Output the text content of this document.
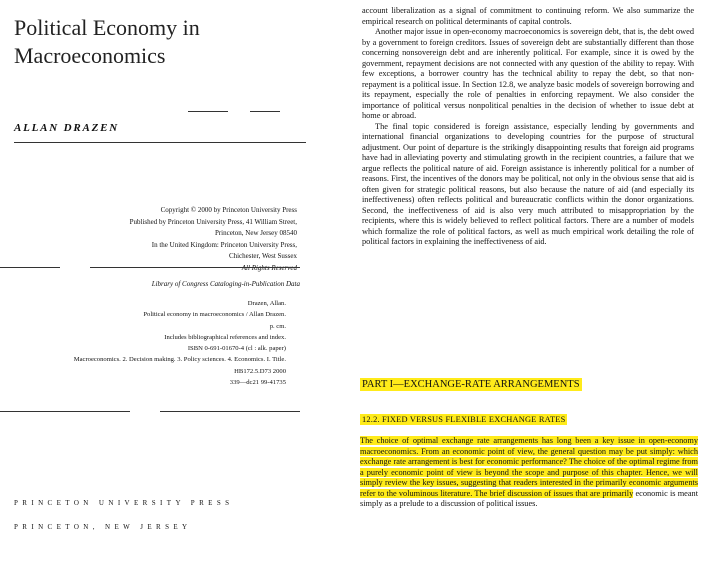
Political Economy in Macroeconomics
ALLAN DRAZEN
Copyright © 2000 by Princeton University Press
Published by Princeton University Press, 41 William Street,
Princeton, New Jersey 08540
In the United Kingdom: Princeton University Press,
Chichester, West Sussex
All Rights Reserved
Library of Congress Cataloging-in-Publication Data
Drazen, Allan.
Political economy in macroeconomics / Allan Drazen.
p. cm.
Includes bibliographical references and index.
ISBN 0-691-01670-4 (cl : alk. paper)
Macroeconomics. 2. Decision making. 3. Policy sciences. 4. Economics. I. Title.
HB172.5.D73 2000
339—dc21 99-41735
PRINCETON UNIVERSITY PRESS
PRINCETON, NEW JERSEY

account liberalization as a signal of commitment to continuing reform. We also summarize the empirical research on political determinants of capital controls.

Another major issue in open-economy macroeconomics is sovereign debt, that is, the debt owed by a government to foreign creditors. Issues of sovereign debt are substantially different than those concerning nonsovereign debt and are inherently political. For example, since it is owed by the government, repayment decisions are not connected with any question of the ability to repay. With few exceptions, a borrower country has the technical ability to repay the debt, so that non-repayment is a political issue. In Section 12.8, we analyze basic models of sovereign borrowing and its repayment, especially the role of penalties in enforcing repayment. We also consider the importance of political versus nonpolitical penalties in the decision of whether to issue debt at home or abroad.

The final topic considered is foreign assistance, especially lending by governments and international financial organizations to developing countries for the purpose of structural adjustment. Our point of departure is the strikingly disappointing results that foreign aid programs have had in alleviating poverty and stimulating growth in the recipient countries, a failure that we argue reflects the political nature of aid. Foreign assistance is inherently political for a number of reasons. First, the incentives of the donors may be political, not only in the obvious sense that aid is often given for strategic political reasons, but also because the nature of aid (and especially its ineffectiveness) often reflects political and bureaucratic conflicts within the donor organizations. Second, the ineffectiveness of aid is also very much attributed to misappropriation by the recipients, where this is widely believed to reflect political factors. There are a number of models which formalize the role of political factors, as well as much empirical work detailing the role of political factors in explaining the ineffectiveness of aid.

PART I—EXCHANGE-RATE ARRANGEMENTS
12.2. FIXED VERSUS FLEXIBLE EXCHANGE RATES
The choice of optimal exchange rate arrangements has long been a key issue in open-economy macroeconomics. From an economic point of view, the general question may be put simply: which exchange rate arrangement is best for economic performance? The choice of the optimal regime from a purely economic point of view is beyond the scope and purpose of this chapter. Hence, we will simply review the key issues, suggesting that readers interested in the primarily economic arguments refer to the voluminous literature. The brief discussion of issues that are primarily economic is meant simply as a prelude to a discussion of political issues.
